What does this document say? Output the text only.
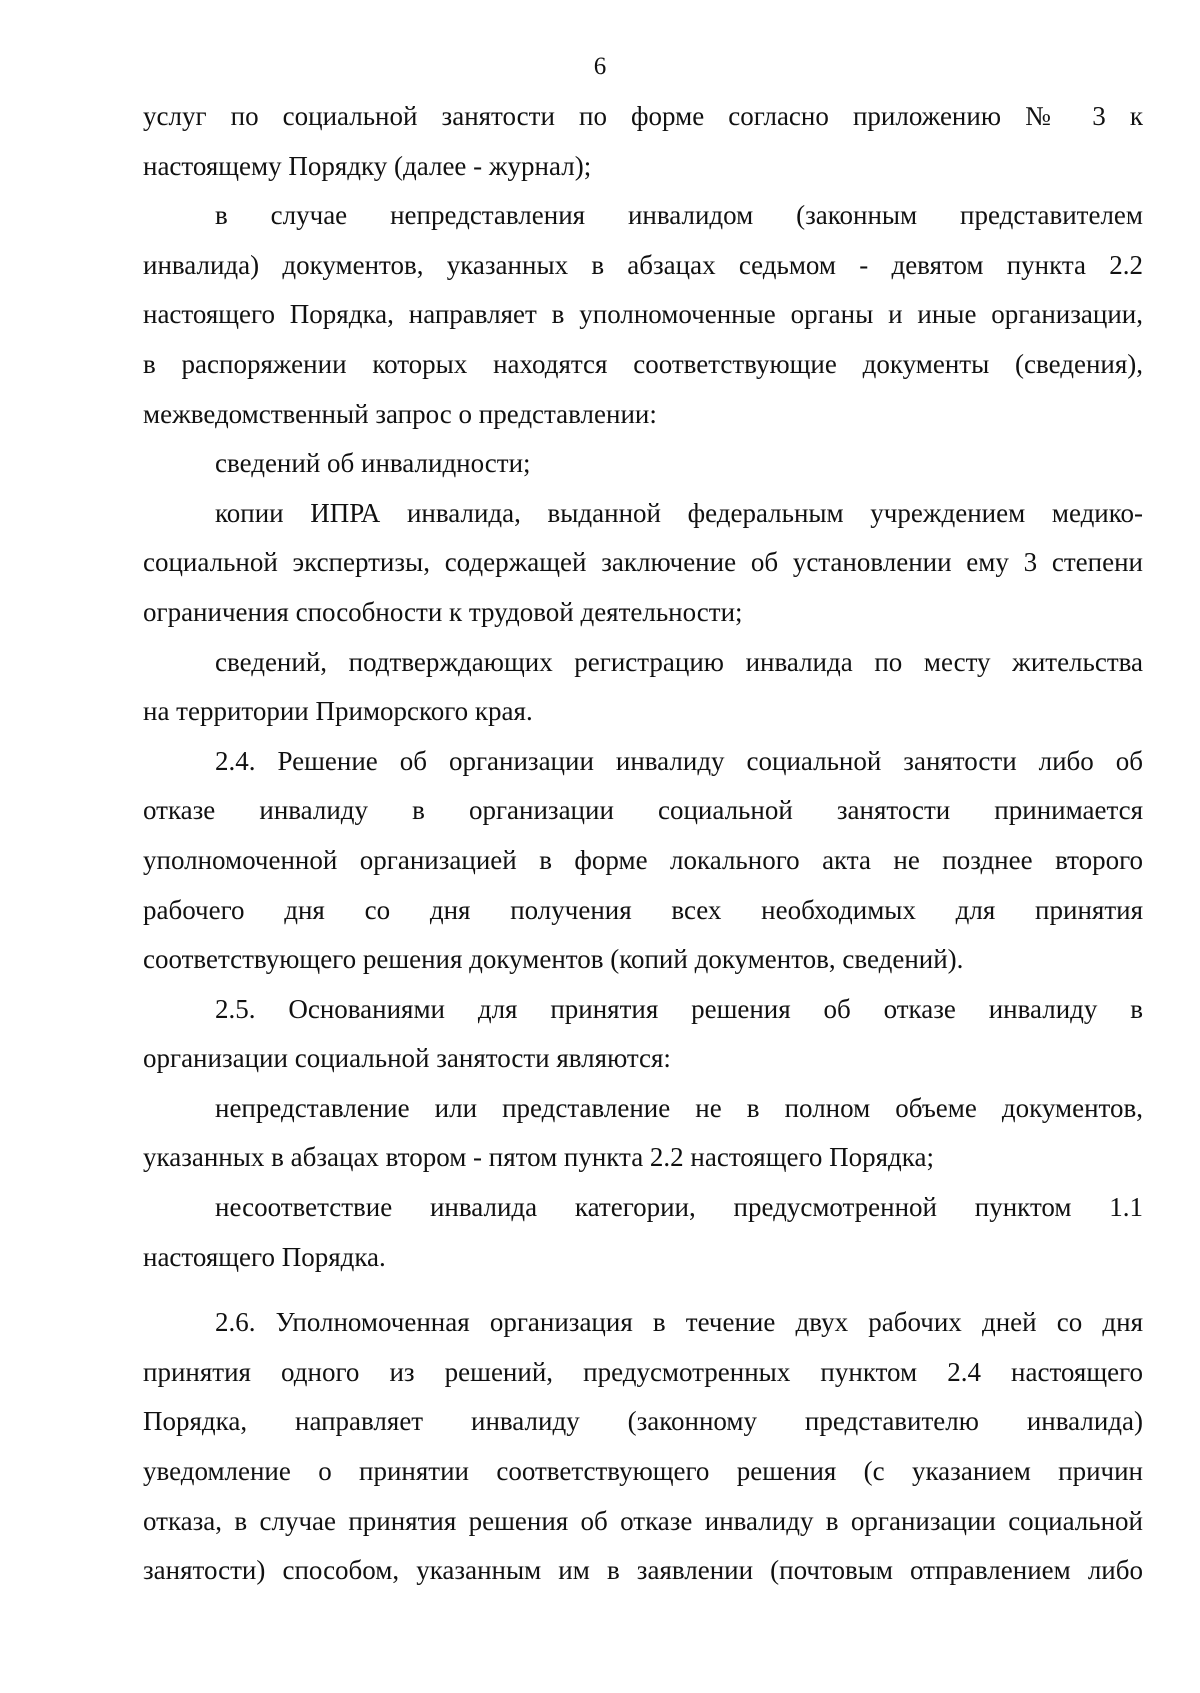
6
услуг по социальной занятости по форме согласно приложению № 3 к
настоящему Порядку (далее - журнал);
в случае непредставления инвалидом (законным представителем
инвалида) документов, указанных в абзацах седьмом - девятом пункта 2.2
настоящего Порядка, направляет в уполномоченные органы и иные организации,
в распоряжении которых находятся соответствующие документы (сведения),
межведомственный запрос о представлении:
сведений об инвалидности;
копии ИПРА инвалида, выданной федеральным учреждением медико-
социальной экспертизы, содержащей заключение об установлении ему 3 степени
ограничения способности к трудовой деятельности;
сведений, подтверждающих регистрацию инвалида по месту жительства
на территории Приморского края.
2.4. Решение об организации инвалиду социальной занятости либо об
отказе инвалиду в организации социальной занятости принимается
уполномоченной организацией в форме локального акта не позднее второго
рабочего дня со дня получения всех необходимых для принятия
соответствующего решения документов (копий документов, сведений).
2.5. Основаниями для принятия решения об отказе инвалиду в
организации социальной занятости являются:
непредставление или представление не в полном объеме документов,
указанных в абзацах втором - пятом пункта 2.2 настоящего Порядка;
несоответствие инвалида категории, предусмотренной пунктом 1.1
настоящего Порядка.
2.6. Уполномоченная организация в течение двух рабочих дней со дня
принятия одного из решений, предусмотренных пунктом 2.4 настоящего
Порядка, направляет инвалиду (законному представителю инвалида)
уведомление о принятии соответствующего решения (с указанием причин
отказа, в случае принятия решения об отказе инвалиду в организации социальной
занятости) способом, указанным им в заявлении (почтовым отправлением либо
